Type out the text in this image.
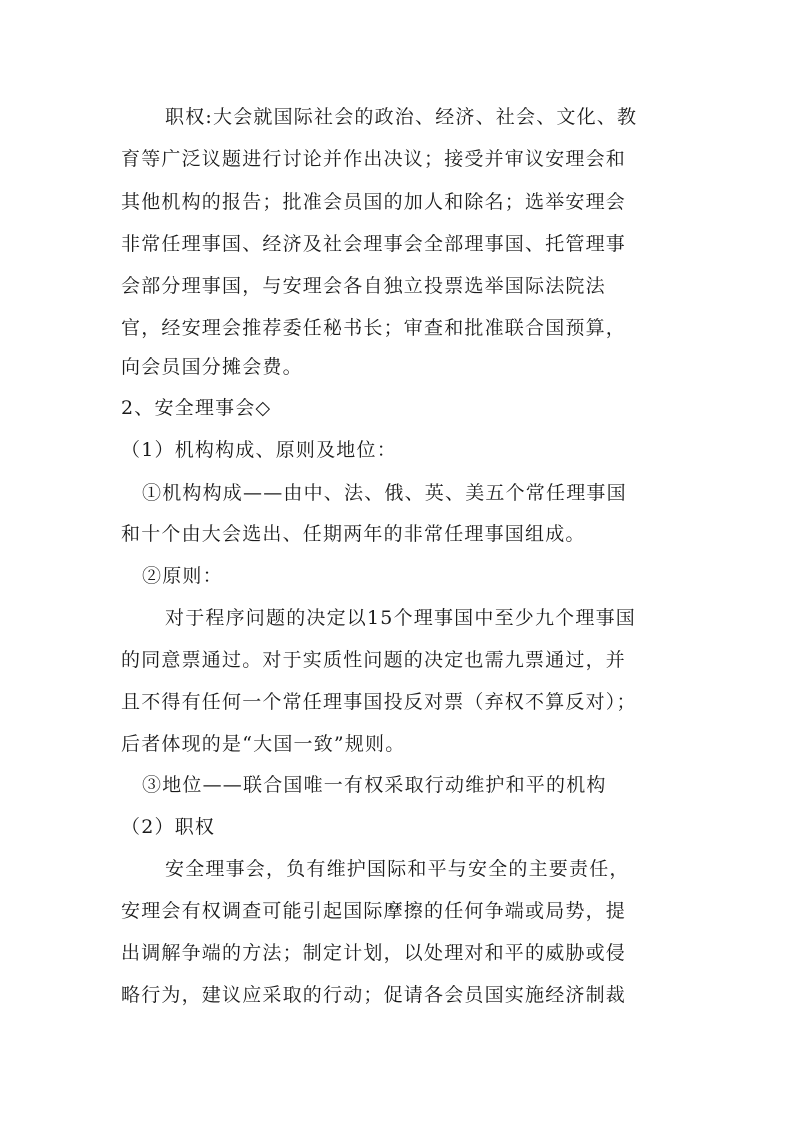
职权:大会就国际社会的政治、经济、社会、文化、教
育等广泛议题进行讨论并作出决议；接受并审议安理会和
其他机构的报告；批准会员国的加人和除名；选举安理会
非常任理事国、经济及社会理事会全部理事国、托管理事
会部分理事国，与安理会各自独立投票选举国际法院法
官，经安理会推荐委任秘书长；审查和批准联合国预算，
向会员国分摊会费。
2、安全理事会◇
（1）机构构成、原则及地位：
①机构构成——由中、法、俄、英、美五个常任理事国
和十个由大会选出、任期两年的非常任理事国组成。
②原则：
对于程序问题的决定以15个理事国中至少九个理事国
的同意票通过。对于实质性问题的决定也需九票通过，并
且不得有任何一个常任理事国投反对票（弃权不算反对）；
后者体现的是“大国一致”规则。
③地位——联合国唯一有权采取行动维护和平的机构
（2）职权
安全理事会，负有维护国际和平与安全的主要责任，
安理会有权调查可能引起国际摩擦的任何争端或局势，提
出调解争端的方法；制定计划，以处理对和平的威胁或侵
略行为，建议应采取的行动；促请各会员国实施经济制裁
